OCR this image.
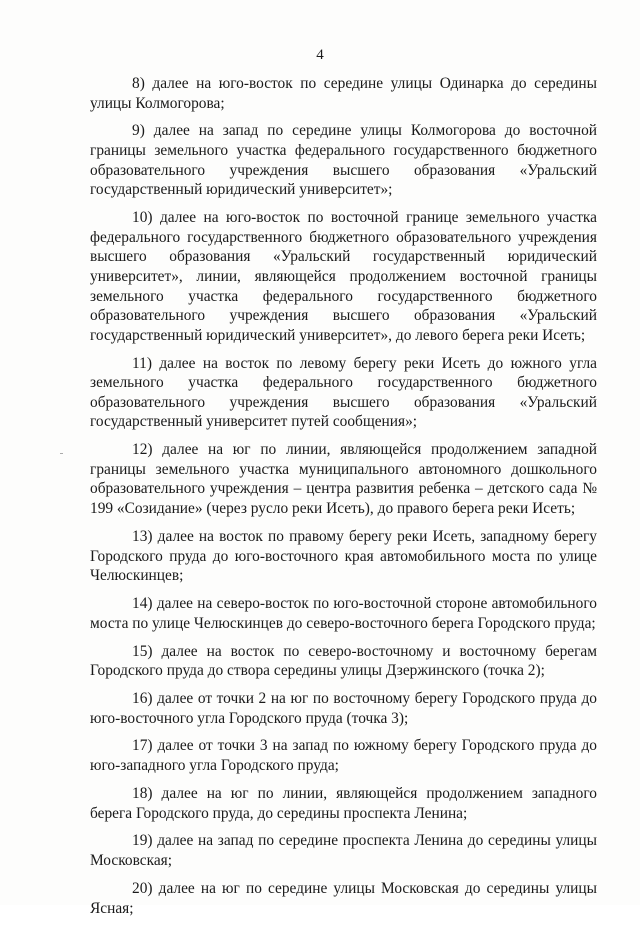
4

8) далее на юго-восток по середине улицы Одинарка до середины улицы Колмогорова;

9) далее на запад по середине улицы Колмогорова до восточной границы земельного участка федерального государственного бюджетного образовательного учреждения высшего образования «Уральский государственный юридический университет»;

10) далее на юго-восток по восточной границе земельного участка федерального государственного бюджетного образовательного учреждения высшего образования «Уральский государственный юридический университет», линии, являющейся продолжением восточной границы земельного участка федерального государственного бюджетного образовательного учреждения высшего образования «Уральский государственный юридический университет», до левого берега реки Исеть;

11) далее на восток по левому берегу реки Исеть до южного угла земельного участка федерального государственного бюджетного образовательного учреждения высшего образования «Уральский государственный университет путей сообщения»;

12) далее на юг по линии, являющейся продолжением западной границы земельного участка муниципального автономного дошкольного образовательного учреждения – центра развития ребенка – детского сада № 199 «Созидание» (через русло реки Исеть), до правого берега реки Исеть;

13) далее на восток по правому берегу реки Исеть, западному берегу Городского пруда до юго-восточного края автомобильного моста по улице Челюскинцев;

14) далее на северо-восток по юго-восточной стороне автомобильного моста по улице Челюскинцев до северо-восточного берега Городского пруда;

15) далее на восток по северо-восточному и восточному берегам Городского пруда до створа середины улицы Дзержинского (точка 2);

16) далее от точки 2 на юг по восточному берегу Городского пруда до юго-восточного угла Городского пруда (точка 3);

17) далее от точки 3 на запад по южному берегу Городского пруда до юго-западного угла Городского пруда;

18) далее на юг по линии, являющейся продолжением западного берега Городского пруда, до середины проспекта Ленина;

19) далее на запад по середине проспекта Ленина до середины улицы Московская;

20) далее на юг по середине улицы Московская до середины улицы Ясная;
